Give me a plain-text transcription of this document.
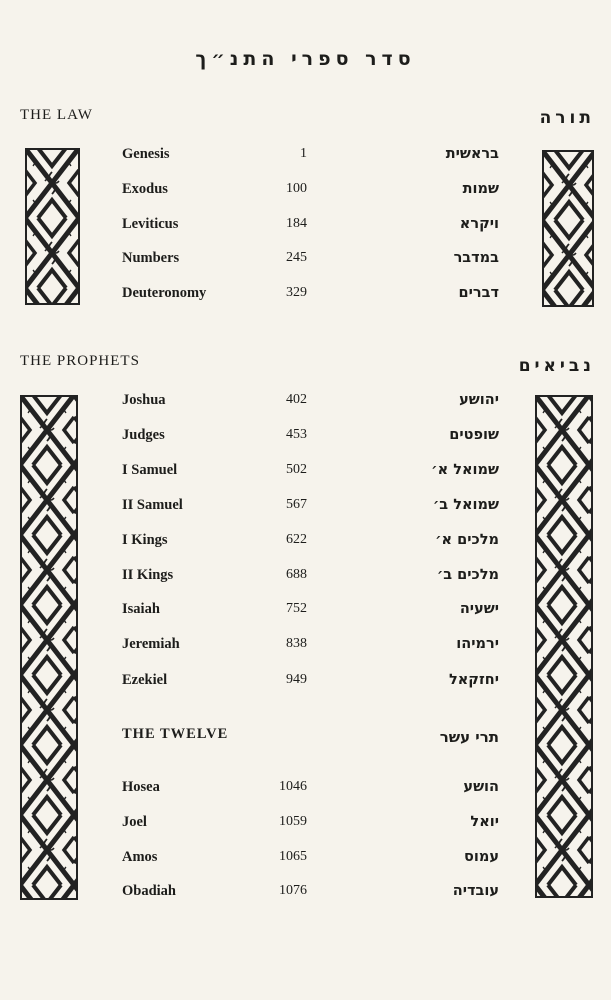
סדר ספרי התנ״ך
THE LAW	תורה
Genesis	1	בראשית
Exodus	100	שמות
Leviticus	184	ויקרא
Numbers	245	במדבר
Deuteronomy	329	דברים
THE PROPHETS	נביאים
Joshua	402	יהושע
Judges	453	שופטים
I Samuel	502	שמואל א׳
II Samuel	567	שמואל ב׳
I Kings	622	מלכים א׳
II Kings	688	מלכים ב׳
Isaiah	752	ישעיה
Jeremiah	838	ירמיהו
Ezekiel	949	יחזקאל
THE TWELVE	תרי עשר
Hosea	1046	הושע
Joel	1059	יואל
Amos	1065	עמוס
Obadiah	1076	עובדיה
